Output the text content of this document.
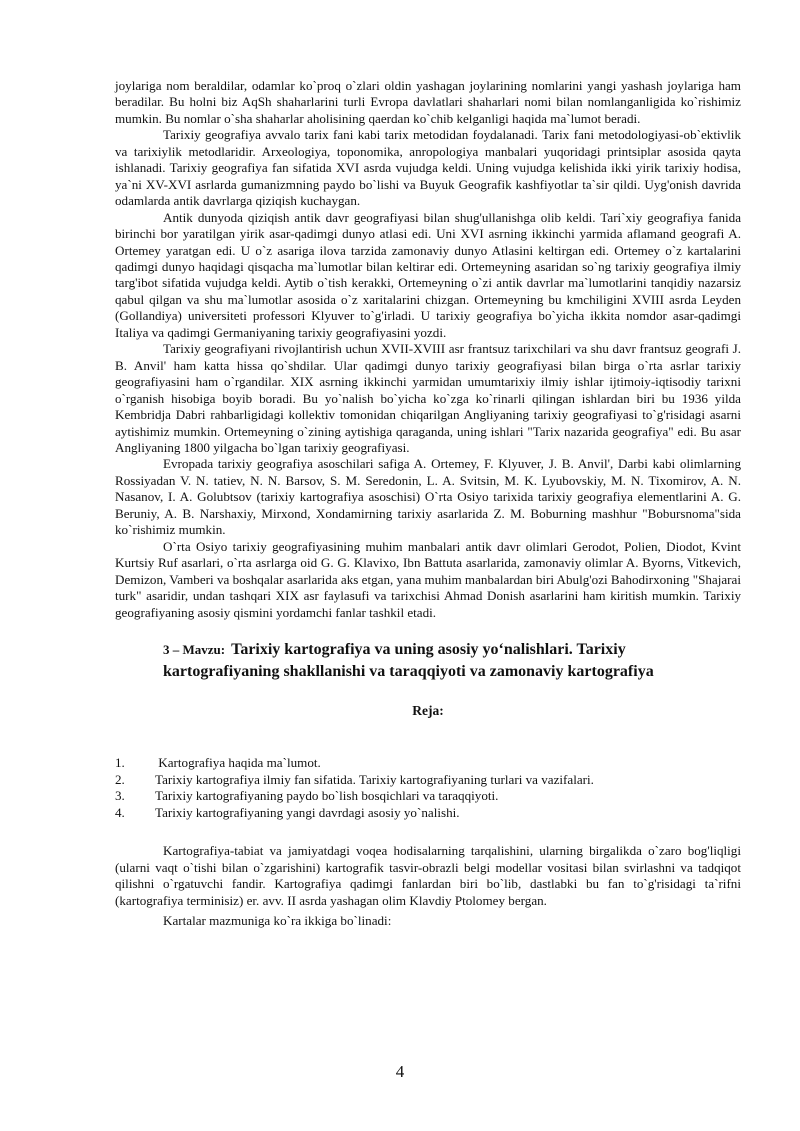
joylariga nom beraldilar, odamlar ko`proq o`zlari oldin yashagan joylarining nomlarini yangi yashash joylariga ham beradilar. Bu holni biz AqSh shaharlarini turli Evropa davlatlari shaharlari nomi bilan nomlanganligida ko`rishimiz mumkin. Bu nomlar o`sha shaharlar aholisining qaerdan ko`chib kelganligi haqida ma`lumot beradi.

Tarixiy geografiya avvalo tarix fani kabi tarix metodidan foydalanadi. Tarix fani metodologiyasi-ob`ektivlik va tarixiylik metodlaridir. Arxeologiya, toponomika, anropologiya manbalari yuqoridagi printsiplar asosida qayta ishlanadi. Tarixiy geografiya fan sifatida XVI asrda vujudga keldi. Uning vujudga kelishida ikki yirik tarixiy hodisa, ya`ni XV-XVI asrlarda gumanizmning paydo bo`lishi va Buyuk Geografik kashfiyotlar ta`sir qildi. Uyg'onish davrida odamlarda antik davrlarga qiziqish kuchaygan.

Antik dunyoda qiziqish antik davr geografiyasi bilan shug'ullanishga olib keldi. Tari`xiy geografiya fanida birinchi bor yaratilgan yirik asar-qadimgi dunyo atlasi edi. Uni XVI asrning ikkinchi yarmida aflamand geografi A. Ortemey yaratgan edi. U o`z asariga ilova tarzida zamonaviy dunyo Atlasini keltirgan edi. Ortemey o`z kartalarini qadimgi dunyo haqidagi qisqacha ma`lumotlar bilan keltirar edi. Ortemeyning asaridan so`ng tarixiy geografiya ilmiy targ'ibot sifatida vujudga keldi. Aytib o`tish kerakki, Ortemeyning o`zi antik davrlar ma`lumotlarini tanqidiy nazarsiz qabul qilgan va shu ma`lumotlar asosida o`z xaritalarini chizgan. Ortemeyning bu kmchiligini XVIII asrda Leyden (Gollandiya) universiteti professori Klyuver to`g'irladi. U tarixiy geografiya bo`yicha ikkita nomdor asar-qadimgi Italiya va qadimgi Germaniyaning tarixiy geografiyasini yozdi.

Tarixiy geografiyani rivojlantirish uchun XVII-XVIII asr frantsuz tarixchilari va shu davr frantsuz geografi J. B. Anvil' ham katta hissa qo`shdilar. Ular qadimgi dunyo tarixiy geografiyasi bilan birga o`rta asrlar tarixiy geografiyasini ham o`rgandilar. XIX asrning ikkinchi yarmidan umumtarixiy ilmiy ishlar ijtimoiy-iqtisodiy tarixni o`rganish hisobiga boyib boradi. Bu yo`nalish bo`yicha ko`zga ko`rinarli qilingan ishlardan biri bu 1936 yilda Kembridja Dabri rahbarligidagi kollektiv tomonidan chiqarilgan Angliyaning tarixiy geografiyasi to`g'risidagi asarni aytishimiz mumkin. Ortemeyning o`zining aytishiga qaraganda, uning ishlari "Tarix nazarida geografiya" edi. Bu asar Angliyaning 1800 yilgacha bo`lgan tarixiy geografiyasi.

Evropada tarixiy geografiya asoschilari safiga A. Ortemey, F. Klyuver, J. B. Anvil', Darbi kabi olimlarning Rossiyadan V. N. tatiev, N. N. Barsov, S. M. Seredonin, L. A. Svitsin, M. K. Lyubovskiy, M. N. Tixomirov, A. N. Nasanov, I. A. Golubtsov (tarixiy kartografiya asoschisi) O`rta Osiyo tarixida tarixiy geografiya elementlarini A. G. Beruniy, A. B. Narshaxiy, Mirxond, Xondamirning tarixiy asarlarida Z. M. Boburning mashhur "Bobursnoma"sida ko`rishimiz mumkin.

O`rta Osiyo tarixiy geografiyasining muhim manbalari antik davr olimlari Gerodot, Polien, Diodot, Kvint Kurtsiy Ruf asarlari, o`rta asrlarga oid G. G. Klavixo, Ibn Battuta asarlarida, zamonaviy olimlar A. Byorns, Vitkevich, Demizon, Vamberi va boshqalar asarlarida aks etgan, yana muhim manbalardan biri Abulg'ozi Bahodirxoning "Shajarai turk" asaridir, undan tashqari XIX asr faylasufi va tarixchisi Ahmad Donish asarlarini ham kiritish mumkin. Tarixiy geografiyaning asosiy qismini yordamchi fanlar tashkil etadi.

3 – Mavzu: Tarixiy kartografiya va uning asosiy yo‘nalishlari. Tarixiy kartografiyaning shakllanishi va taraqqiyoti va zamonaviy kartografiya
Reja:
1.	Kartografiya haqida ma`lumot.
2.	Tarixiy kartografiya ilmiy fan sifatida. Tarixiy kartografiyaning turlari va vazifalari.
3.	Tarixiy kartografiyaning paydo bo`lish bosqichlari va taraqqiyoti.
4.	Tarixiy kartografiyaning yangi davrdagi asosiy yo`nalishi.

Kartografiya-tabiat va jamiyatdagi voqea hodisalarning tarqalishini, ularning birgalikda o`zaro bog'liqligi (ularni vaqt o`tishi bilan o`zgarishini) kartografik tasvir-obrazli belgi modellar vositasi bilan svirlashni va tadqiqot qilishni o`rgatuvchi fandir. Kartografiya qadimgi fanlardan biri bo`lib, dastlabki bu fan to`g'risidagi ta`rifni (kartografiya terminisiz) er. avv. II asrda yashagan olim Klavdiy Ptolomey bergan.

Kartalar mazmuniga ko`ra ikkiga bo`linadi:

4
